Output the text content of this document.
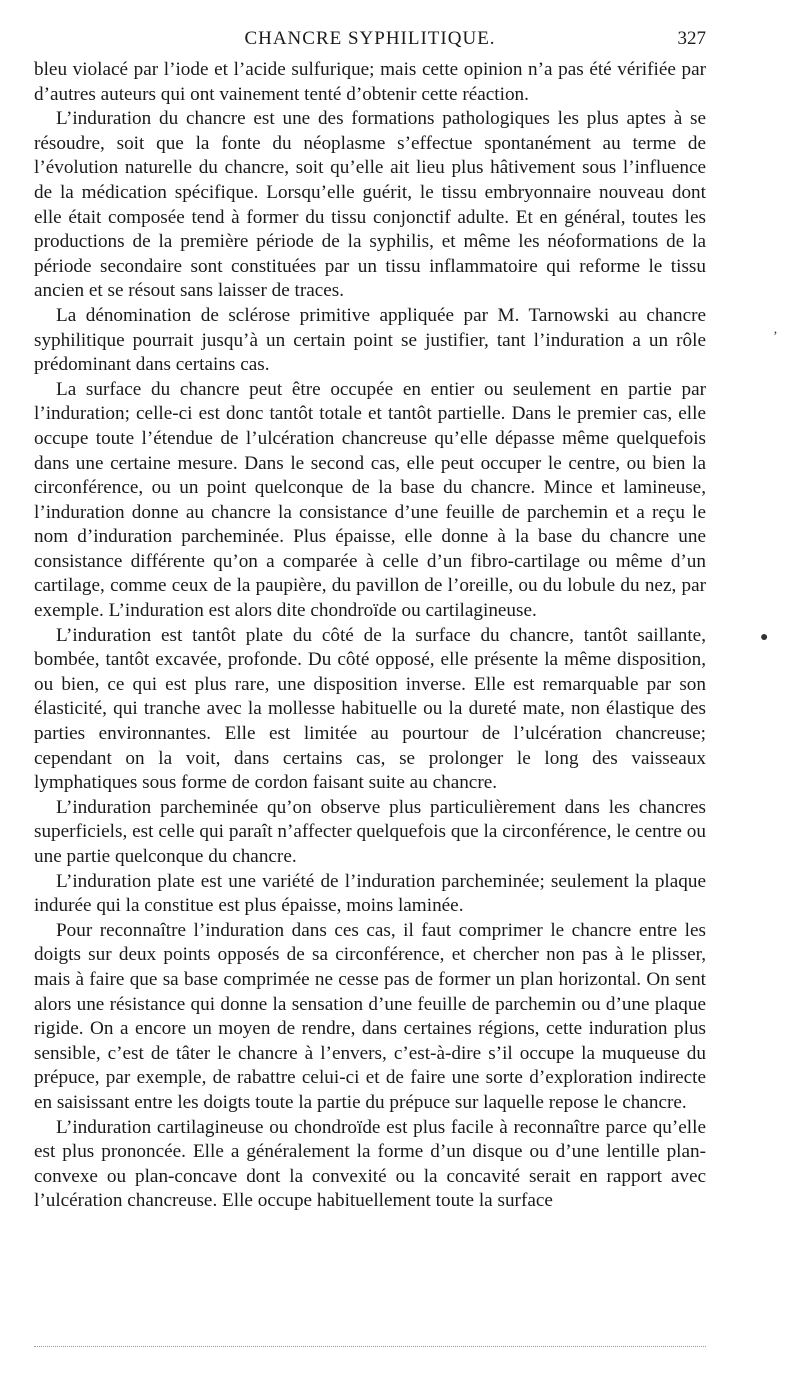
CHANCRE SYPHILITIQUE.	327

bleu violacé par l’iode et l’acide sulfurique; mais cette opinion n’a pas été vérifiée par d’autres auteurs qui ont vainement tenté d’obtenir cette réaction.

L’induration du chancre est une des formations pathologiques les plus aptes à se résoudre, soit que la fonte du néoplasme s’effectue spontanément au terme de l’évolution naturelle du chancre, soit qu’elle ait lieu plus hâtivement sous l’influence de la médication spécifique. Lorsqu’elle guérit, le tissu embryonnaire nouveau dont elle était composée tend à former du tissu conjonctif adulte. Et en général, toutes les productions de la première période de la syphilis, et même les néoformations de la période secondaire sont constituées par un tissu inflammatoire qui reforme le tissu ancien et se résout sans laisser de traces.

La dénomination de sclérose primitive appliquée par M. Tarnowski au chancre syphilitique pourrait jusqu’à un certain point se justifier, tant l’induration a un rôle prédominant dans certains cas.

La surface du chancre peut être occupée en entier ou seulement en partie par l’induration; celle-ci est donc tantôt totale et tantôt partielle. Dans le premier cas, elle occupe toute l’étendue de l’ulcération chancreuse qu’elle dépasse même quelquefois dans une certaine mesure. Dans le second cas, elle peut occuper le centre, ou bien la circonférence, ou un point quelconque de la base du chancre. Mince et lamineuse, l’induration donne au chancre la consistance d’une feuille de parchemin et a reçu le nom d’induration parcheminée. Plus épaisse, elle donne à la base du chancre une consistance différente qu’on a comparée à celle d’un fibro-cartilage ou même d’un cartilage, comme ceux de la paupière, du pavillon de l’oreille, ou du lobule du nez, par exemple. L’induration est alors dite chondroïde ou cartilagineuse.

L’induration est tantôt plate du côté de la surface du chancre, tantôt saillante, bombée, tantôt excavée, profonde. Du côté opposé, elle présente la même disposition, ou bien, ce qui est plus rare, une disposition inverse. Elle est remarquable par son élasticité, qui tranche avec la mollesse habituelle ou la dureté mate, non élastique des parties environnantes. Elle est limitée au pourtour de l’ulcération chancreuse; cependant on la voit, dans certains cas, se prolonger le long des vaisseaux lymphatiques sous forme de cordon faisant suite au chancre.

L’induration parcheminée qu’on observe plus particulièrement dans les chancres superficiels, est celle qui paraît n’affecter quelquefois que la circonférence, le centre ou une partie quelconque du chancre.

L’induration plate est une variété de l’induration parcheminée; seulement la plaque indurée qui la constitue est plus épaisse, moins laminée.

Pour reconnaître l’induration dans ces cas, il faut comprimer le chancre entre les doigts sur deux points opposés de sa circonférence, et chercher non pas à le plisser, mais à faire que sa base comprimée ne cesse pas de former un plan horizontal. On sent alors une résistance qui donne la sensation d’une feuille de parchemin ou d’une plaque rigide. On a encore un moyen de rendre, dans certaines régions, cette induration plus sensible, c’est de tâter le chancre à l’envers, c’est-à-dire s’il occupe la muqueuse du prépuce, par exemple, de rabattre celui-ci et de faire une sorte d’exploration indirecte en saisissant entre les doigts toute la partie du prépuce sur laquelle repose le chancre.

L’induration cartilagineuse ou chondroïde est plus facile à reconnaître parce qu’elle est plus prononcée. Elle a généralement la forme d’un disque ou d’une lentille plan-convexe ou plan-concave dont la convexité ou la concavité serait en rapport avec l’ulcération chancreuse. Elle occupe habituellement toute la surface

‚
●
